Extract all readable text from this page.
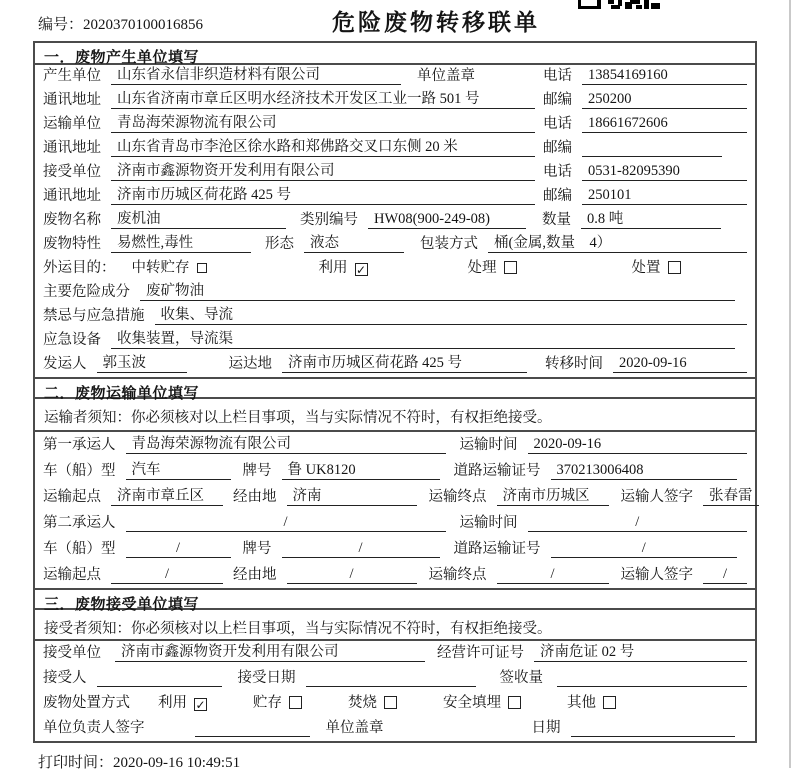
编号：2020370100016856	危险废物转移联单
一．废物产生单位填写
产生单位	山东省永信非织造材料有限公司	单位盖章	电话	13854169160
通讯地址	山东省济南市章丘区明水经济技术开发区工业一路 501 号	邮编	250200
运输单位	青岛海荣源物流有限公司	电话	18661672606
通讯地址	山东省青岛市李沧区徐水路和郑佛路交叉口东侧 20 米	邮编
接受单位	济南市鑫源物资开发利用有限公司	电话	0531-82095390
通讯地址	济南市历城区荷花路 425 号	邮编	250101
废物名称	废机油	类别编号	HW08(900-249-08)	数量	0.8 吨
废物特性	易燃性,毒性	形态	液态	包装方式	桶(金属,数量　4）
外运目的： 中转贮存	利用 ✓	处理	处置
主要危险成分	废矿物油
禁忌与应急措施	收集、导流
应急设备	收集装置，导流渠
发运人	郭玉波	运达地	济南市历城区荷花路 425 号	转移时间	2020-09-16
二．废物运输单位填写
运输者须知：你必须核对以上栏目事项，当与实际情况不符时，有权拒绝接受。
第一承运人	青岛海荣源物流有限公司	运输时间	2020-09-16
车（船）型	汽车	牌号	鲁 UK8120	道路运输证号	370213006408
运输起点	济南市章丘区	经由地	济南	运输终点	济南市历城区	运输人签字	张春雷
第二承运人	/	运输时间	/
车（船）型	/	牌号	/	道路运输证号	/
运输起点	/	经由地	/	运输终点	/	运输人签字	/
三．废物接受单位填写
接受者须知：你必须核对以上栏目事项，当与实际情况不符时，有权拒绝接受。
接受单位	济南市鑫源物资开发利用有限公司	经营许可证号	济南危证 02 号
接受人	接受日期	签收量
废物处置方式 利用 ✓	贮存	焚烧	安全填埋	其他
单位负责人签字	单位盖章	日期
打印时间：2020-09-16 10:49:51
